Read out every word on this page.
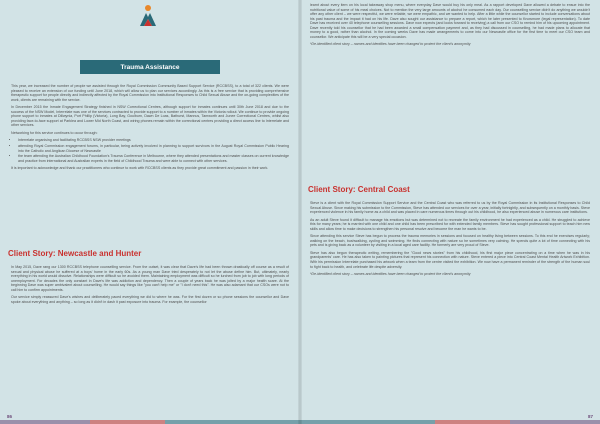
Trauma Assistance

This year, we increased the number of people we assisted through the Royal Commission Community Based Support Service (RCCBSS), to a total of 322 clients. We were pleased to receive an extension of our funding until June 2018, which will allow us to plan our services accordingly. As this is a free service that is providing comprehensive therapeutic support for people directly and indirectly affected by the Royal Commission into Institutional Responses to Child Sexual Abuse and the on-going complexities of the work, clients are remaining with the service.

In December 2015 the Inmate Engagement Strategy finished in NSW Correctional Centres, although support for inmates continues until 30th June 2018 and due to the success of the NSW Model, Interrelate was one of the services contracted to provide support to a number of inmates within the Victoria rollout. We continue to provide ongoing phone support to inmates at Dillwynia, Port Phillip (Victoria), Long Bay, Goulburn, Dawn De Loas, Bathurst, Mannus, Tamworth and Junee Correctional Centres, whilst also providing face-to-face support at Parklea and Lower Mid North Coast, and wiring phones remain within the correctional centres providing a direct access line to Interrelate and other services.

Networking for this service continues to occur through:

• Interrelate organising and facilitating RCCBSS NSW provider meetings
• attending Royal Commission engagement forums, in particular, being actively involved in planning to support survivors in the August Royal Commission Public Hearing into the Catholic and Anglican Diocese of Newcastle
• the team attending the Australian Childhood Foundation's Trauma Conference in Melbourne, where they attended presentations and master classes on current knowledge and practice from international and Australian experts in the field of Childhood Trauma and were able to connect with other services.

It is important to acknowledge and thank our practitioners who continue to work with RCCBSS clients as they provide great commitment and passion in their work.

Client Story: Newcastle and Hunter

In May 2015, Dave rang our 1300 RCCBSS telephone counselling service. From the outset, it was clear that Dave's life had been thrown drastically off course as a result of sexual and physical abuse he suffered at a boys' home in the early 60s. As a young man Dave tried desperately to not let the abuse define him. But, ultimately, nearly everything in his world would dissolve. Relationships were difficult so he avoided them. Maintaining employment was difficult so he lurched from job to job with long periods of unemployment. For decades the only constant in Dave's life was addiction and dependency. Then a couple of years back he was jolted by a major health scare. At the beginning Dave was super ambivalent about counselling. He would say things like "you can't help me" or "I don't need this". He was also adamant that our CSOs were not to call him to confirm appointments.

Our service simply reassured Dave's wishes and deliberately paced everything we did to where he was. For the first dozen or so phone sessions the counsellor and Dave spoke about everything and anything – so long as it didn't in dash it past exposure into trauma. For example, the counsellor

86

learnt about every item on his local takeaway shop menu, where everyday Dave would buy his only meal. As a rapport developed Dave allowed a debate to ensue into the nutritional value of some of his meal choices. Not to mention the very large amounts of alcohol he consumed each day. Our counselling service didn't do anything we wouldn't offer any other client – we were respectful, we were reliable, we were empathic, and we wanted to help. After a little while the counsellor started to include conversations about his past trauma and the impact it had on his life. Dave also sought our assistance to prepare a report, which he later presented to Knowmore (legal representation). To date Dave has received over 40 telephone counselling sessions. Dave now expects (and looks forward to receiving) a call from our CSO to remind him of his upcoming appointment. Dave recently told his counsellor that he had been awarded a small compensation payment and, as they had discussed in counselling, he had made plans to allocate that money to a good, rather than alcohol. In the coming weeks Dave has made arrangements to come into our Newcastle office for the first time to meet our CSO team and counsellor. We anticipate this will be a very special occasion.

*De-identified client story – names and identities have been changed to protect the client's anonymity

Client Story: Central Coast

Steve is a client with the Royal Commission Support Service and the Central Coast who was referred to us by the Royal Commission in its Institutional Responses to Child Sexual Abuse. Since making his submission to the Commission, Steve has attended our services for over a year, initially fortnightly, and subsequently on a monthly basis. Steve experienced violence in his family home as a child and was placed in care numerous times through out his childhood, he also experienced abuse in numerous care institutions.

As an adult Steve found it difficult to manage his emotions but was determined not to recreate the family environment he had experienced as a child. He struggled to achieve this for many years; he is married with one child and one child has been prescribed for with extended family members. Steve has sought professional support to teach him new skills and allow time to make decisions to strengthen his personal resolve and become the man he wants to be.

Since attending this service Steve has begun to process the trauma memories in sessions and focused on healthy living between sessions. To this end he exercises regularly; walking on the beach, bushwalking, cycling and swimming. He finds connecting with nature so he sometimes very calming. He spends quite a lot of time connecting with his pets and is giving back as a volunteer by visiting in a local aged care facility. He formerly are very proud of Steve.

Steve has also begun therapeutic writing, remembering the "Good news stories" from his childhood, his first major piece concentrating on a time when he was in his grandparents' care. He has also taken to painting pictures that represent his connection with nature. Steve entered a piece into Central Coast Mental Health Artwork Exhibition. With his permission Interrelate purchased his artwork when a team from the centre visited the exhibition. We now have a permanent reminder of the strength of the human soul to fight back to health, and celebrate life despite adversity.

*De-identified client story – names and identities have been changed to protect the client's anonymity

87
